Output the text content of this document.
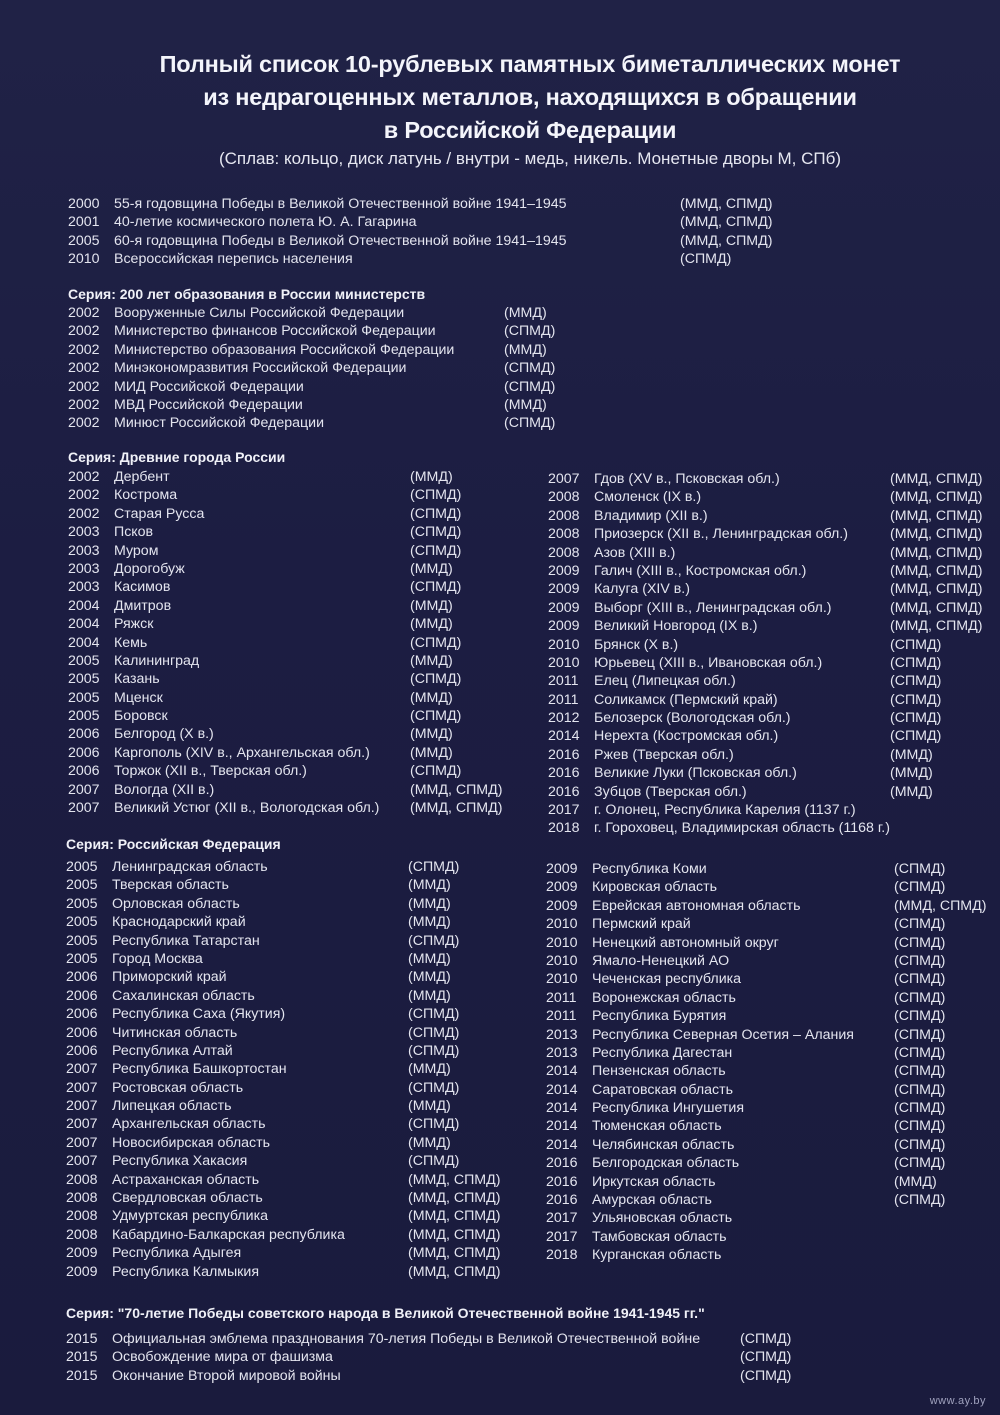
Полный список 10-рублевых памятных биметаллических монет
из недрагоценных металлов, находящихся в обращении
в Российской Федерации
(Сплав: кольцо, диск латунь / внутри - медь, никель. Монетные дворы М, СПб)
2000 55-я годовщина Победы в Великой Отечественной войне 1941–1945	(ММД, СПМД)
2001 40-летие космического полета Ю. А. Гагарина	(ММД, СПМД)
2005 60-я годовщина Победы в Великой Отечественной войне 1941–1945	(ММД, СПМД)
2010 Всероссийская перепись населения	(СПМД)
Серия: 200 лет образования в России министерств
2002 Вооруженные Силы Российской Федерации	(ММД)
2002 Министерство финансов Российской Федерации	(СПМД)
2002 Министерство образования Российской Федерации	(ММД)
2002 Минэкономразвития Российской Федерации	(СПМД)
2002 МИД Российской Федерации	(СПМД)
2002 МВД Российской Федерации	(ММД)
2002 Минюст Российской Федерации	(СПМД)
Серия: Древние города России
2002 Дербент	(ММД)
2002 Кострома	(СПМД)
2002 Старая Русса	(СПМД)
2003 Псков	(СПМД)
2003 Муром	(СПМД)
2003 Дорогобуж	(ММД)
2003 Касимов	(СПМД)
2004 Дмитров	(ММД)
2004 Ряжск	(ММД)
2004 Кемь	(СПМД)
2005 Калининград	(ММД)
2005 Казань	(СПМД)
2005 Мценск	(ММД)
2005 Боровск	(СПМД)
2006 Белгород (X в.)	(ММД)
2006 Каргополь (XIV в., Архангельская обл.)	(ММД)
2006 Торжок (XII в., Тверская обл.)	(СПМД)
2007 Вологда (XII в.)	(ММД, СПМД)
2007 Великий Устюг (XII в., Вологодская обл.) (ММД, СПМД)
2007 Гдов (XV в., Псковская обл.)	(ММД, СПМД)
2008 Смоленск (IX в.)	(ММД, СПМД)
2008 Владимир (XII в.)	(ММД, СПМД)
2008 Приозерск (XII в., Ленинградская обл.)	(ММД, СПМД)
2008 Азов (XIII в.)	(ММД, СПМД)
2009 Галич (XIII в., Костромская обл.)	(ММД, СПМД)
2009 Калуга (XIV в.)	(ММД, СПМД)
2009 Выборг (XIII в., Ленинградская обл.)	(ММД, СПМД)
2009 Великий Новгород (IX в.)	(ММД, СПМД)
2010 Брянск (X в.)	(СПМД)
2010 Юрьевец (XIII в., Ивановская обл.)	(СПМД)
2011 Елец (Липецкая обл.)	(СПМД)
2011 Соликамск (Пермский край)	(СПМД)
2012 Белозерск (Вологодская обл.)	(СПМД)
2014 Нерехта (Костромская обл.)	(СПМД)
2016 Ржев (Тверская обл.)	(ММД)
2016 Великие Луки (Псковская обл.)	(ММД)
2016 Зубцов (Тверская обл.)	(ММД)
2017 г. Олонец, Республика Карелия (1137 г.)
2018 г. Гороховец, Владимирская область (1168 г.)
Серия: Российская Федерация
2005 Ленинградская область	(СПМД)
2005 Тверская область	(ММД)
2005 Орловская область	(ММД)
2005 Краснодарский край	(ММД)
2005 Республика Татарстан	(СПМД)
2005 Город Москва	(ММД)
2006 Приморский край	(ММД)
2006 Сахалинская область	(ММД)
2006 Республика Саха (Якутия)	(СПМД)
2006 Читинская область	(СПМД)
2006 Республика Алтай	(СПМД)
2007 Республика Башкортостан	(ММД)
2007 Ростовская область	(СПМД)
2007 Липецкая область	(ММД)
2007 Архангельская область	(СПМД)
2007 Новосибирская область	(ММД)
2007 Республика Хакасия	(СПМД)
2008 Астраханская область	(ММД, СПМД)
2008 Свердловская область	(ММД, СПМД)
2008 Удмуртская республика	(ММД, СПМД)
2008 Кабардино-Балкарская республика	(ММД, СПМД)
2009 Республика Адыгея	(ММД, СПМД)
2009 Республика Калмыкия	(ММД, СПМД)
2009 Республика Коми	(СПМД)
2009 Кировская область	(СПМД)
2009 Еврейская автономная область	(ММД, СПМД)
2010 Пермский край	(СПМД)
2010 Ненецкий автономный округ	(СПМД)
2010 Ямало-Ненецкий АО	(СПМД)
2010 Чеченская республика	(СПМД)
2011 Воронежская область	(СПМД)
2011 Республика Бурятия	(СПМД)
2013 Республика Северная Осетия – Алания	(СПМД)
2013 Республика Дагестан	(СПМД)
2014 Пензенская область	(СПМД)
2014 Саратовская область	(СПМД)
2014 Республика Ингушетия	(СПМД)
2014 Тюменская область	(СПМД)
2014 Челябинская область	(СПМД)
2016 Белгородская область	(СПМД)
2016 Иркутская область	(ММД)
2016 Амурская область	(СПМД)
2017 Ульяновская область
2017 Тамбовская область
2018 Курганская область
Серия: "70-летие Победы советского народа в Великой Отечественной войне 1941-1945 гг."
2015 Официальная эмблема празднования 70-летия Победы в Великой Отечественной войне	(СПМД)
2015 Освобождение мира от фашизма	(СПМД)
2015 Окончание Второй мировой войны	(СПМД)
www.ay.by
